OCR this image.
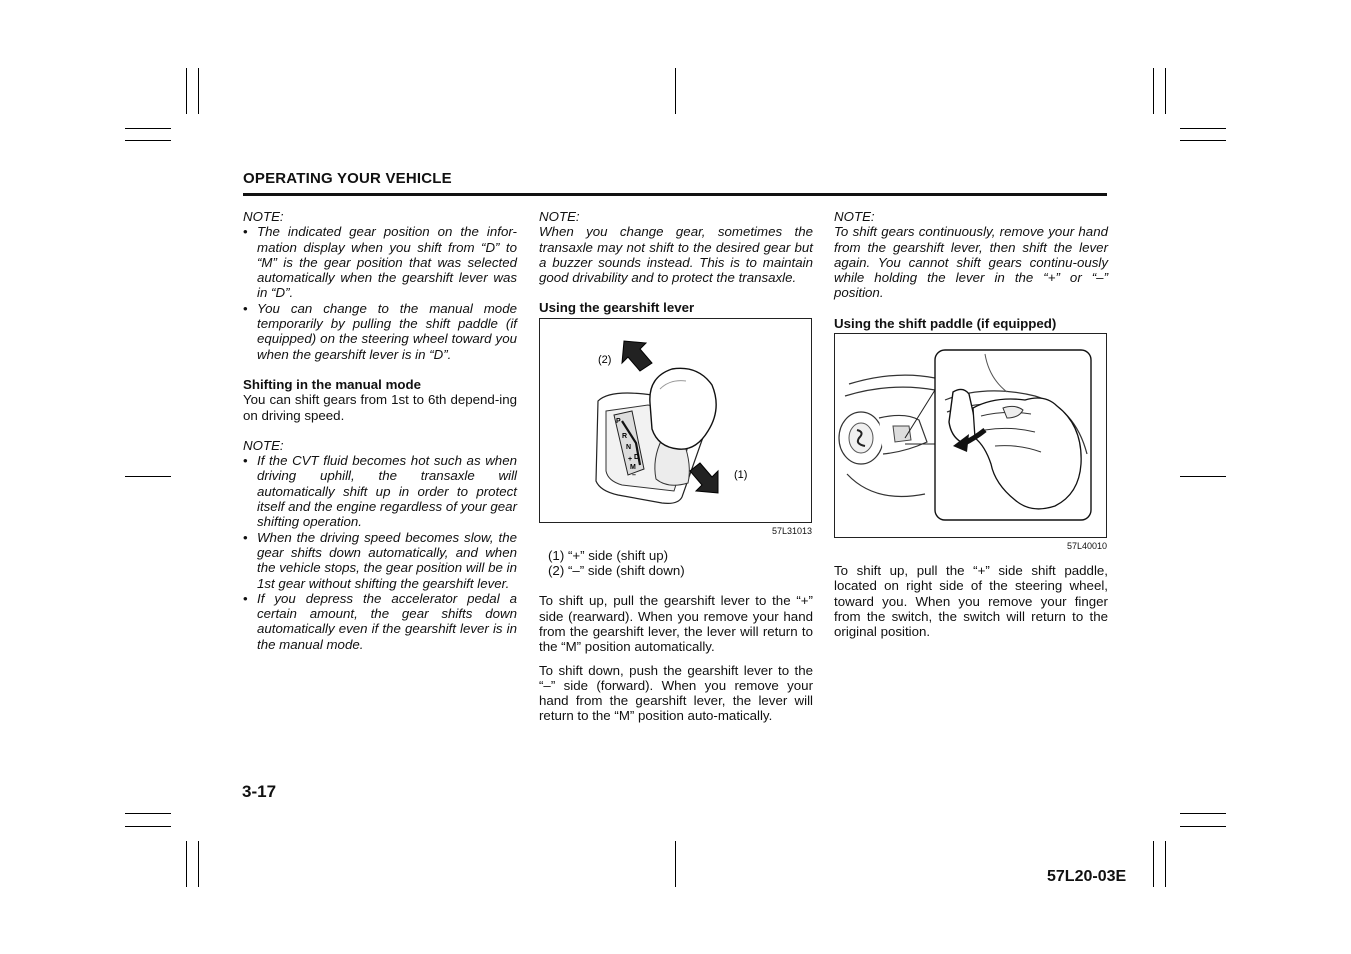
OPERATING YOUR VEHICLE
NOTE:
• The indicated gear position on the infor-mation display when you shift from “D” to “M” is the gear position that was selected automatically when the gearshift lever was in “D”.
• You can change to the manual mode temporarily by pulling the shift paddle (if equipped) on the steering wheel toward you when the gearshift lever is in “D”.
Shifting in the manual mode
You can shift gears from 1st to 6th depend-ing on driving speed.
NOTE:
• If the CVT fluid becomes hot such as when driving uphill, the transaxle will automatically shift up in order to protect itself and the engine regardless of your gear shifting operation.
• When the driving speed becomes slow, the gear shifts down automatically, and when the vehicle stops, the gear position will be in 1st gear without shifting the gearshift lever.
• If you depress the accelerator pedal a certain amount, the gear shifts down automatically even if the gearshift lever is in the manual mode.
NOTE:
When you change gear, sometimes the transaxle may not shift to the desired gear but a buzzer sounds instead. This is to maintain good drivability and to protect the transaxle.
Using the gearshift lever
P
R
N
D
+
M
–
(2)
(1)
57L31013
(1) “+” side (shift up)
(2) “–” side (shift down)
To shift up, pull the gearshift lever to the “+” side (rearward). When you remove your hand from the gearshift lever, the lever will return to the “M” position automatically.
To shift down, push the gearshift lever to the “–” side (forward). When you remove your hand from the gearshift lever, the lever will return to the “M” position auto-matically.
NOTE:
To shift gears continuously, remove your hand from the gearshift lever, then shift the lever again. You cannot shift gears continu-ously while holding the lever in the “+” or “–” position.
Using the shift paddle (if equipped)
57L40010
To shift up, pull the “+” side shift paddle, located on right side of the steering wheel, toward you. When you remove your finger from the switch, the switch will return to the original position.
3-17
57L20-03E
